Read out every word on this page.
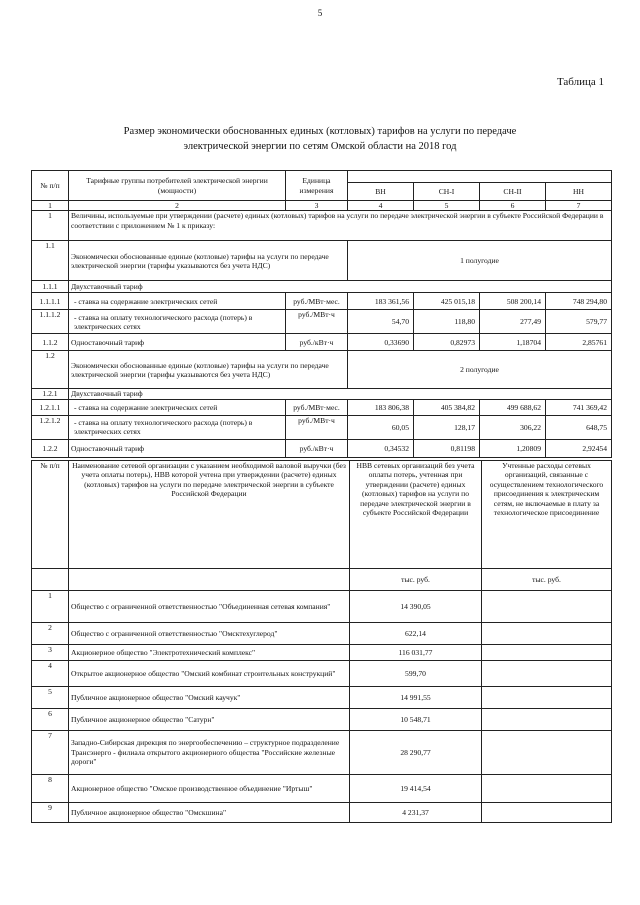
5
Таблица 1
Размер экономически обоснованных единых (котловых) тарифов на услуги по передаче
электрической энергии по сетям Омской области на 2018 год
№ п/п	Тарифные группы потребителей электрической энергии (мощности)	Единица измерения				
			ВН	СН-I	СН-II	НН
1	2	3	4	5	6	7
1	Величины, используемые при утверждении (расчете) единых (котловых) тарифов на услуги по передаче электрической энергии в субъекте Российской Федерации в соответствии с приложением № 1 к приказу:					
1.1	Экономически обоснованные единые (котловые) тарифы на услуги по передаче электрической энергии (тарифы указываются без учета НДС)		1 полугодие			
1.1.1	Двухставочный тариф					
1.1.1.1	- ставка на содержание электрических сетей	руб./МВт·мес.	183 361,56	425 015,18	508 200,14	748 294,80
1.1.1.2	- ставка на оплату технологического расхода (потерь) в электрических сетях	руб./МВт·ч	54,70	118,80	277,49	579,77
1.1.2	Одноставочный тариф	руб./кВт·ч	0,33690	0,82973	1,18704	2,85761
1.2	Экономически обоснованные единые (котловые) тарифы на услуги по передаче электрической энергии (тарифы указываются без учета НДС)		2 полугодие			
1.2.1	Двухставочный тариф					
1.2.1.1	- ставка на содержание электрических сетей	руб./МВт·мес.	183 806,38	405 384,82	499 688,62	741 369,42
1.2.1.2	- ставка на оплату технологического расхода (потерь) в электрических сетях	руб./МВт·ч	60,05	128,17	306,22	648,75
1.2.2	Одноставочный тариф	руб./кВт·ч	0,34532	0,81198	1,20809	2,92454
№ п/п	Наименование сетевой организации с указанием необходимой валовой выручки (без учета оплаты потерь), НВВ которой учтена при утверждении (расчете) единых (котловых) тарифов на услуги по передаче электрической энергии в субъекте Российской Федерации	НВВ сетевых организаций без учета оплаты потерь, учтенная при утверждении (расчете) единых (котловых) тарифов на услуги по передаче электрической энергии в субъекте Российской Федерации	Учтенные расходы сетевых организаций, связанные с осуществлением технологического присоединения к электрическим сетям, не включаемые в плату за технологическое присоединение
		тыс. руб.	тыс. руб.
1	Общество с ограниченной ответственностью "Объединенная сетевая компания"	14 390,05	
2	Общество с ограниченной ответственностью "Омсктехуглерод"	622,14	
3	Акционерное общество "Электротехнический комплекс"	116 031,77	
4	Открытое акционерное общество "Омский комбинат строительных конструкций"	599,70	
5	Публичное акционерное общество "Омский каучук"	14 991,55	
6	Публичное акционерное общество "Сатурн"	10 548,71	
7	Западно-Сибирская дирекция по энергообеспечению – структурное подразделение Трансэнерго - филиала открытого акционерного общества "Российские железные дороги"	28 290,77	
8	Акционерное общество "Омское производственное объединение "Иртыш"	19 414,54	
9	Публичное акционерное общество "Омскшина"	4 231,37	
